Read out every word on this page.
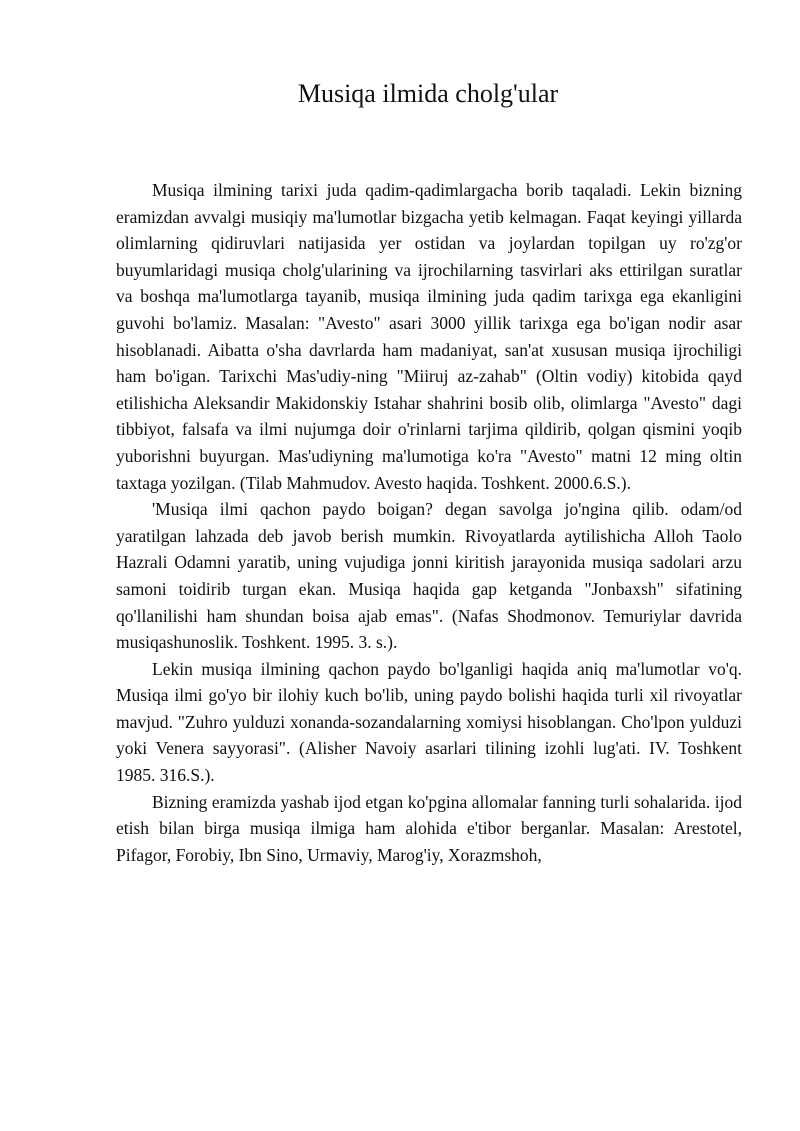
Musiqa ilmida cholg'ular

Musiqa ilmining tarixi juda qadim-qadimlargacha borib taqaladi. Lekin bizning eramizdan avvalgi musiqiy ma'lumotlar bizgacha yetib kelmagan. Faqat keyingi yillarda olimlarning qidiruvlari natijasida yer ostidan va joylardan topilgan uy ro'zg'or buyumlaridagi musiqa cholg'ularining va ijrochilarning tasvirlari aks ettirilgan suratlar va boshqa ma'lumotlarga tayanib, musiqa ilmining juda qadim tarixga ega ekanligini guvohi bo'lamiz. Masalan: "Avesto" asari 3000 yillik tarixga ega bo'igan nodir asar hisoblanadi. Aibatta o'sha davrlarda ham madaniyat, san'at xususan musiqa ijrochiligi ham bo'igan. Tarixchi Mas'udiy-ning "Miiruj az-zahab" (Oltin vodiy) kitobida qayd etilishicha Aleksandir Makidonskiy Istahar shahrini bosib olib, olimlarga "Avesto" dagi tibbiyot, falsafa va ilmi nujumga doir o'rinlarni tarjima qildirib, qolgan qismini yoqib yuborishni buyurgan. Mas'udiyning ma'lumotiga ko'ra "Avesto" matni 12 ming oltin taxtaga yozilgan. (Tilab Mahmudov. Avesto haqida. Toshkent. 2000.6.S.).

'Musiqa ilmi qachon paydo boigan? degan savolga jo'ngina qilib. odam/od yaratilgan lahzada deb javob berish mumkin. Rivoyatlarda aytilishicha Alloh Taolo Hazrali Odamni yaratib, uning vujudiga jonni kiritish jarayonida musiqa sadolari arzu samoni toidirib turgan ekan. Musiqa haqida gap ketganda "Jonbaxsh" sifatining qo'llanilishi ham shundan boisa ajab emas". (Nafas Shodmonov. Temuriylar davrida musiqashunoslik. Toshkent. 1995. 3. s.).

Lekin musiqa ilmining qachon paydo bo'lganligi haqida aniq ma'lumotlar vo'q. Musiqa ilmi go'yo bir ilohiy kuch bo'lib, uning paydo bolishi haqida turli xil rivoyatlar mavjud. "Zuhro yulduzi xonanda-sozandalarning xomiysi hisoblangan. Cho'lpon yulduzi yoki Venera sayyorasi". (Alisher Navoiy asarlari tilining izohli lug'ati. IV. Toshkent 1985. 316.S.).

Bizning eramizda yashab ijod etgan ko'pgina allomalar fanning turli sohalarida. ijod etish bilan birga musiqa ilmiga ham alohida e'tibor berganlar. Masalan: Arestotel, Pifagor, Forobiy, Ibn Sino, Urmaviy, Marog'iy, Xorazmshoh,
